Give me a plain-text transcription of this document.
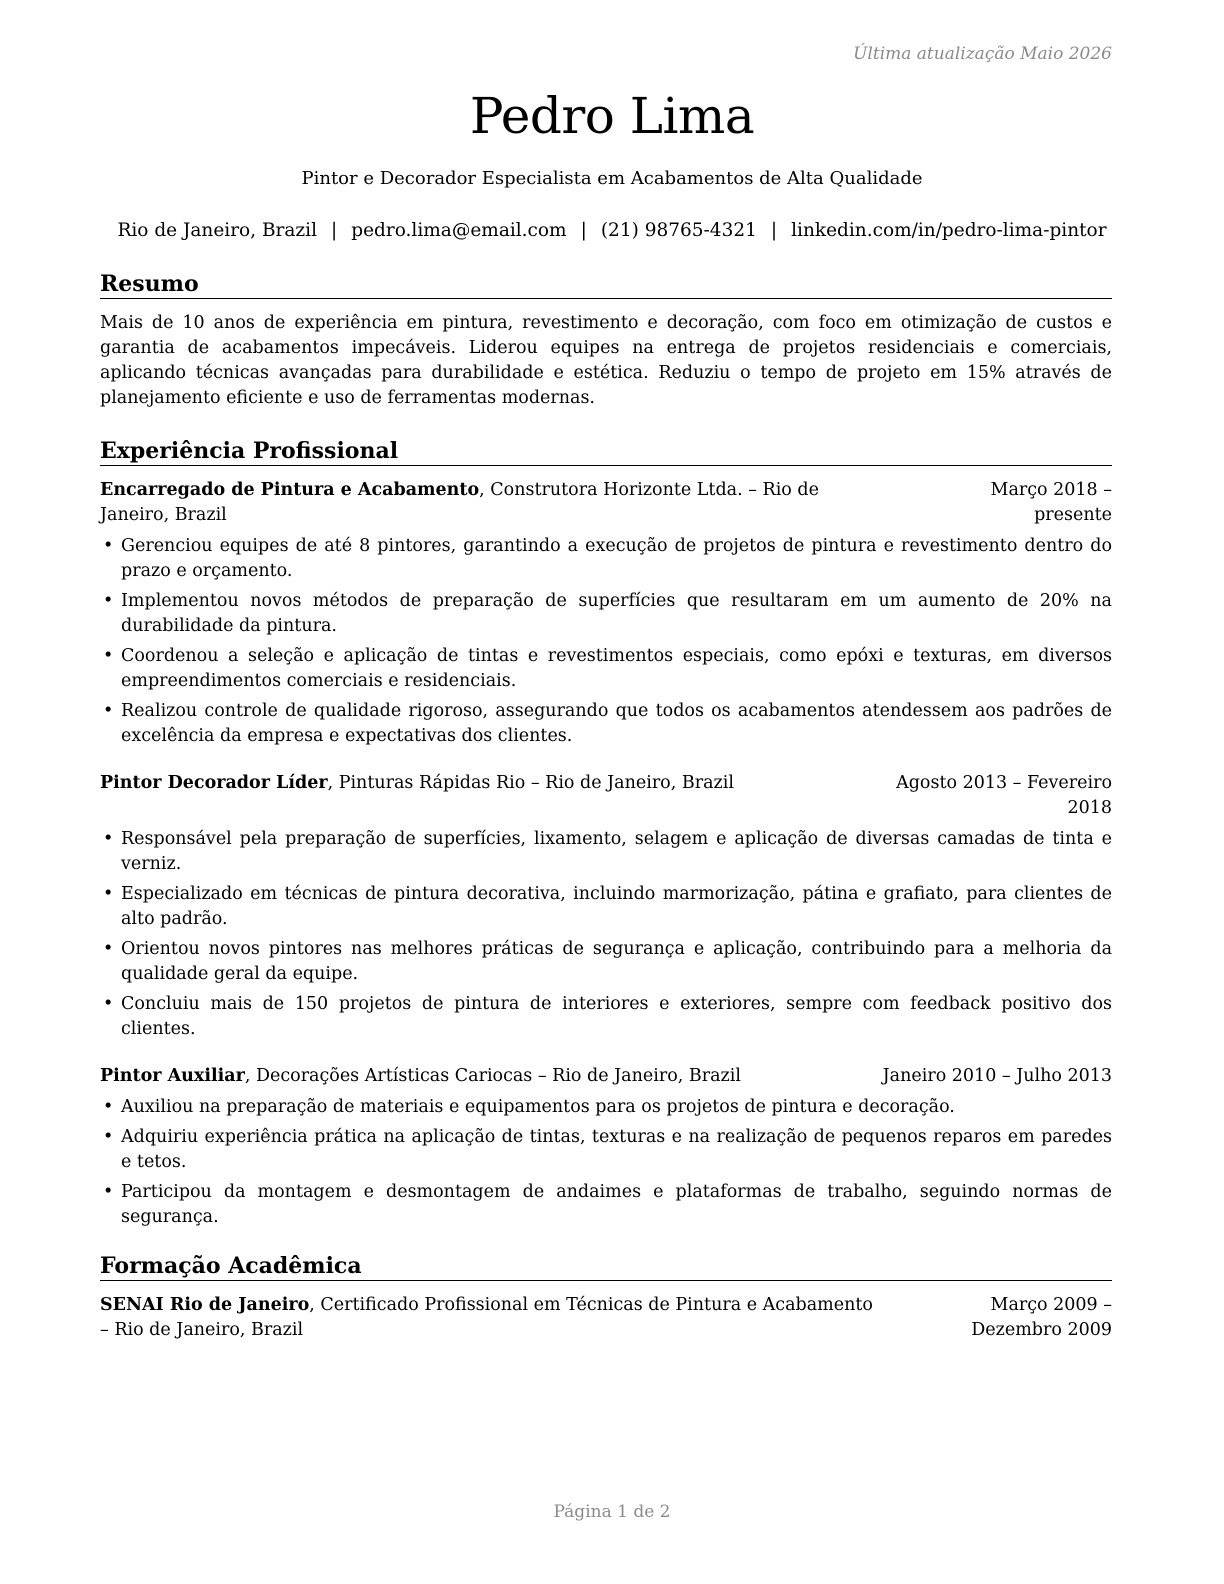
Última atualização Maio 2026
Pedro Lima
Pintor e Decorador Especialista em Acabamentos de Alta Qualidade
Rio de Janeiro, Brazil | pedro.lima@email.com | (21) 98765-4321 | linkedin.com/in/pedro-lima-pintor
Resumo

Mais de 10 anos de experiência em pintura, revestimento e decoração, com foco em otimização de custos e garantia de acabamentos impecáveis. Liderou equipes na entrega de projetos residenciais e comerciais, aplicando técnicas avançadas para durabilidade e estética. Reduziu o tempo de projeto em 15% através de planejamento eficiente e uso de ferramentas modernas.

Experiência Profissional
Encarregado de Pintura e Acabamento, Construtora Horizonte Ltda. – Rio de Janeiro, Brazil
Março 2018 – presente
• Gerenciou equipes de até 8 pintores, garantindo a execução de projetos de pintura e revestimento dentro do prazo e orçamento.
• Implementou novos métodos de preparação de superfícies que resultaram em um aumento de 20% na durabilidade da pintura.
• Coordenou a seleção e aplicação de tintas e revestimentos especiais, como epóxi e texturas, em diversos empreendimentos comerciais e residenciais.
• Realizou controle de qualidade rigoroso, assegurando que todos os acabamentos atendessem aos padrões de excelência da empresa e expectativas dos clientes.
Pintor Decorador Líder, Pinturas Rápidas Rio – Rio de Janeiro, Brazil	Agosto 2013 – Fevereiro 2018
• Responsável pela preparação de superfícies, lixamento, selagem e aplicação de diversas camadas de tinta e verniz.
• Especializado em técnicas de pintura decorativa, incluindo marmorização, pátina e grafiato, para clientes de alto padrão.
• Orientou novos pintores nas melhores práticas de segurança e aplicação, contribuindo para a melhoria da qualidade geral da equipe.
• Concluiu mais de 150 projetos de pintura de interiores e exteriores, sempre com feedback positivo dos clientes.
Pintor Auxiliar, Decorações Artísticas Cariocas – Rio de Janeiro, Brazil	Janeiro 2010 – Julho 2013
• Auxiliou na preparação de materiais e equipamentos para os projetos de pintura e decoração.
• Adquiriu experiência prática na aplicação de tintas, texturas e na realização de pequenos reparos em paredes e tetos.
• Participou da montagem e desmontagem de andaimes e plataformas de trabalho, seguindo normas de segurança.
Formação Acadêmica
SENAI Rio de Janeiro, Certificado Profissional em Técnicas de Pintura e Acabamento – Rio de Janeiro, Brazil
Março 2009 – Dezembro 2009
Página 1 de 2
